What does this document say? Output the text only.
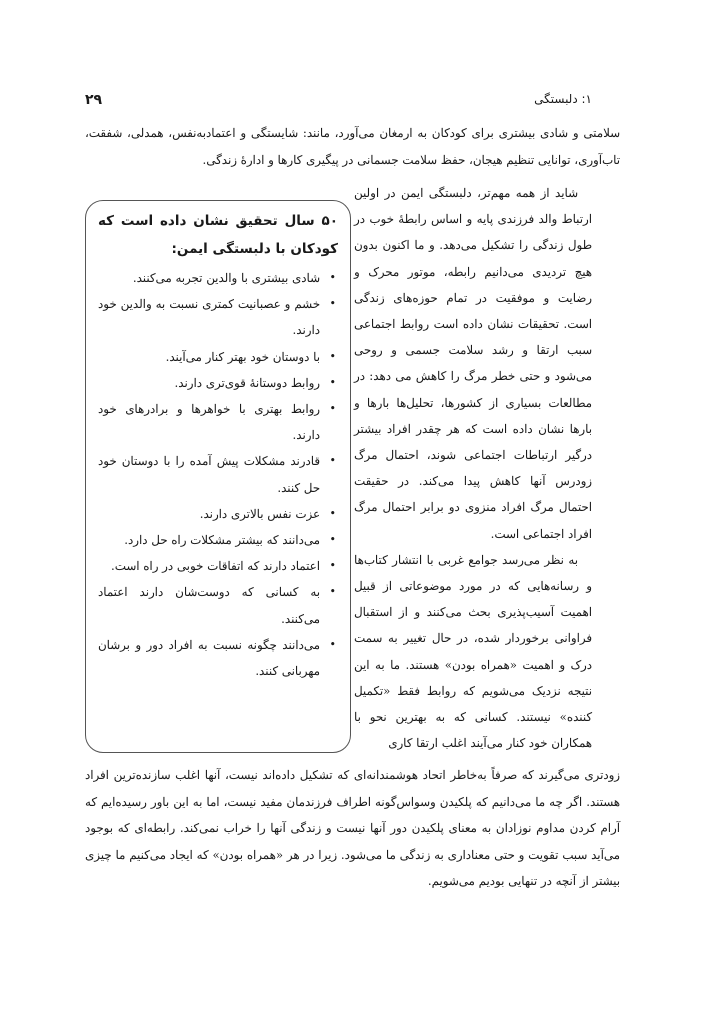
۱: دلبستگی
۲۹

سلامتی و شادی بیشتری برای کودکان به ارمغان می‌آورد، مانند: شایستگی و اعتمادبه‌نفس، همدلی، شفقت، تاب‌آوری، توانایی تنظیم هیجان، حفظ سلامت جسمانی در پیگیری کارها و ادارهٔ زندگی.

شاید از همه مهم‌تر، دلبستگی ایمن در اولین ارتباط والد فرزندی پایه و اساس رابطهٔ خوب در طول زندگی را تشکیل می‌دهد. و ما اکنون بدون هیچ تردیدی می‌دانیم رابطه، موتور محرک و رضایت و موفقیت در تمام حوزه‌های زندگی است. تحقیقات نشان داده است روابط اجتماعی سبب ارتقا و رشد سلامت جسمی و روحی می‌شود و حتی خطر مرگ را کاهش می دهد: در مطالعات بسیاری از کشورها، تحلیل‌ها بارها و بارها نشان داده است که هر چقدر افراد بیشتر درگیر ارتباطات اجتماعی شوند، احتمال مرگ زودرس آنها کاهش پیدا می‌کند. در حقیقت احتمال مرگ افراد منزوی دو برابر احتمال مرگ افراد اجتماعی است.

به نظر می‌رسد جوامع غربی با انتشار کتاب‌ها و رسانه‌هایی که در مورد موضوعاتی از قبیل اهمیت آسیب‌پذیری بحث می‌کنند و از استقبال فراوانی برخوردار شده، در حال تغییر به سمت درک و اهمیت «همراه بودن» هستند. ما به این نتیجه نزدیک می‌شویم که روابط فقط «تکمیل کننده» نیستند. کسانی که به بهترین نحو با همکاران خود کنار می‌آیند اغلب ارتقا کاری

۵۰ سال تحقیق نشان داده است که کودکان با دلبستگی ایمن:
•
شادی بیشتری با والدین تجربه می‌کنند.
•
خشم و عصبانیت کمتری نسبت به والدین خود دارند.
•
با دوستان خود بهتر کنار می‌آیند.
•
روابط دوستانهٔ قوی‌تری دارند.
•
روابط بهتری با خواهرها و برادرهای خود دارند.
•
قادرند مشکلات پیش آمده را با دوستان خود حل کنند.
•
عزت نفس بالاتری دارند.
•
می‌دانند که بیشتر مشکلات راه حل دارد.
•
اعتماد دارند که اتفاقات خوبی در راه است.
•
به کسانی که دوست‌شان دارند اعتماد می‌کنند.
•
می‌دانند چگونه نسبت به افراد دور و برشان مهربانی کنند.

زودتری می‌گیرند که صرفاً به‌خاطر اتحاد هوشمندانه‌ای که تشکیل داده‌اند نیست، آنها اغلب سازنده‌ترین افراد هستند. اگر چه ما می‌دانیم که پلکیدن وسواس‌گونه اطراف فرزندمان مفید نیست، اما به این باور رسیده‌ایم که آرام کردن مداوم نوزادان به معنای پلکیدن دور آنها نیست و زندگی آنها را خراب نمی‌کند. رابطه‌ای که بوجود می‌آید سبب تقویت و حتی معناداری به زندگی ما می‌شود. زیرا در هر «همراه بودن» که ایجاد می‌کنیم ما چیزی بیشتر از آنچه در تنهایی بودیم می‌شویم.
